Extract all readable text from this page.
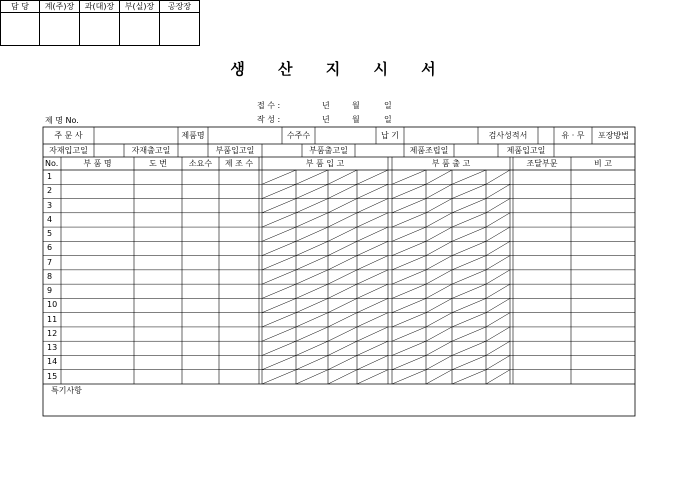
생 산 지 시 서
담 당	계(주)장	과(대)장	부(실)장	공장장

접 수 :	년	월	일
작 성 :	년	월	일
제 명 No.
주 문 사	제품명	수주수	납 기	검사성적서	유 · 무	포장방법
자재입고일	자재출고일	부품입고일	부품출고일	제품조립일	제품입고일
No.	부 품 명	도 번	소요수	제 조 수	부 품 입 고	부 품 출 고	조달부문	비 고
1
2
3
4
5
6
7
8
9
10
11
12
13
14
15
특기사항
